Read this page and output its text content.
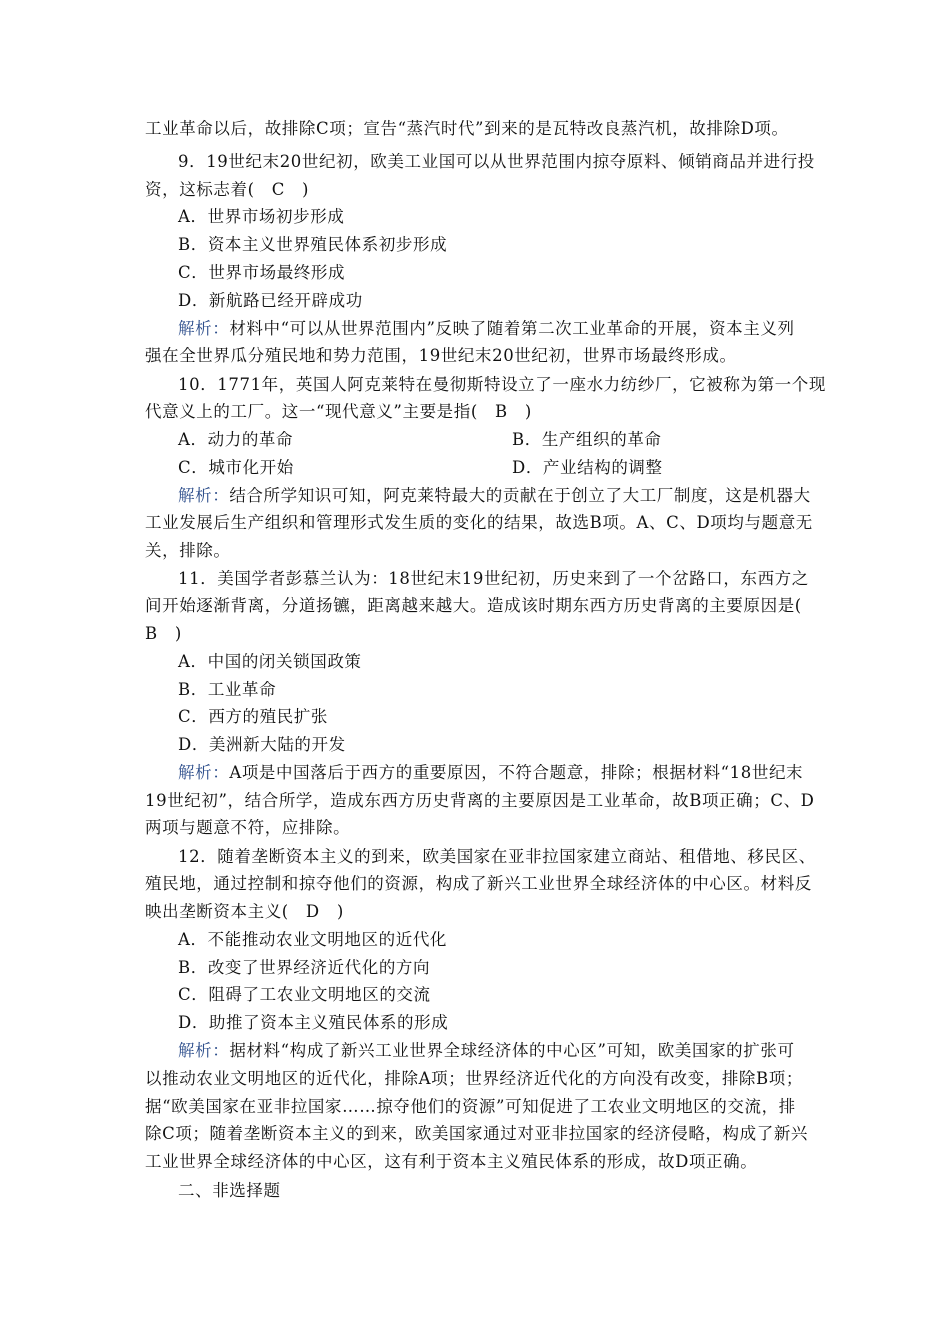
工业革命以后，故排除C项；宣告“蒸汽时代”到来的是瓦特改良蒸汽机，故排除D项。
9．19世纪末20世纪初，欧美工业国可以从世界范围内掠夺原料、倾销商品并进行投
资，这标志着(　C　)
A．世界市场初步形成
B．资本主义世界殖民体系初步形成
C．世界市场最终形成
D．新航路已经开辟成功
解析：材料中“可以从世界范围内”反映了随着第二次工业革命的开展，资本主义列
强在全世界瓜分殖民地和势力范围，19世纪末20世纪初，世界市场最终形成。
10．1771年，英国人阿克莱特在曼彻斯特设立了一座水力纺纱厂，它被称为第一个现
代意义上的工厂。这一“现代意义”主要是指(　B　)
A．动力的革命	B．生产组织的革命
C．城市化开始	D．产业结构的调整
解析：结合所学知识可知，阿克莱特最大的贡献在于创立了大工厂制度，这是机器大
工业发展后生产组织和管理形式发生质的变化的结果，故选B项。A、C、D项均与题意无
关，排除。
11．美国学者彭慕兰认为：18世纪末19世纪初，历史来到了一个岔路口，东西方之
间开始逐渐背离，分道扬镳，距离越来越大。造成该时期东西方历史背离的主要原因是(
B　)
A．中国的闭关锁国政策
B．工业革命
C．西方的殖民扩张
D．美洲新大陆的开发
解析：A项是中国落后于西方的重要原因，不符合题意，排除；根据材料“18世纪末
19世纪初”，结合所学，造成东西方历史背离的主要原因是工业革命，故B项正确；C、D
两项与题意不符，应排除。
12．随着垄断资本主义的到来，欧美国家在亚非拉国家建立商站、租借地、移民区、
殖民地，通过控制和掠夺他们的资源，构成了新兴工业世界全球经济体的中心区。材料反
映出垄断资本主义(　D　)
A．不能推动农业文明地区的近代化
B．改变了世界经济近代化的方向
C．阻碍了工农业文明地区的交流
D．助推了资本主义殖民体系的形成
解析：据材料“构成了新兴工业世界全球经济体的中心区”可知，欧美国家的扩张可
以推动农业文明地区的近代化，排除A项；世界经济近代化的方向没有改变，排除B项；
据“欧美国家在亚非拉国家……掠夺他们的资源”可知促进了工农业文明地区的交流，排
除C项；随着垄断资本主义的到来，欧美国家通过对亚非拉国家的经济侵略，构成了新兴
工业世界全球经济体的中心区，这有利于资本主义殖民体系的形成，故D项正确。
二、非选择题
